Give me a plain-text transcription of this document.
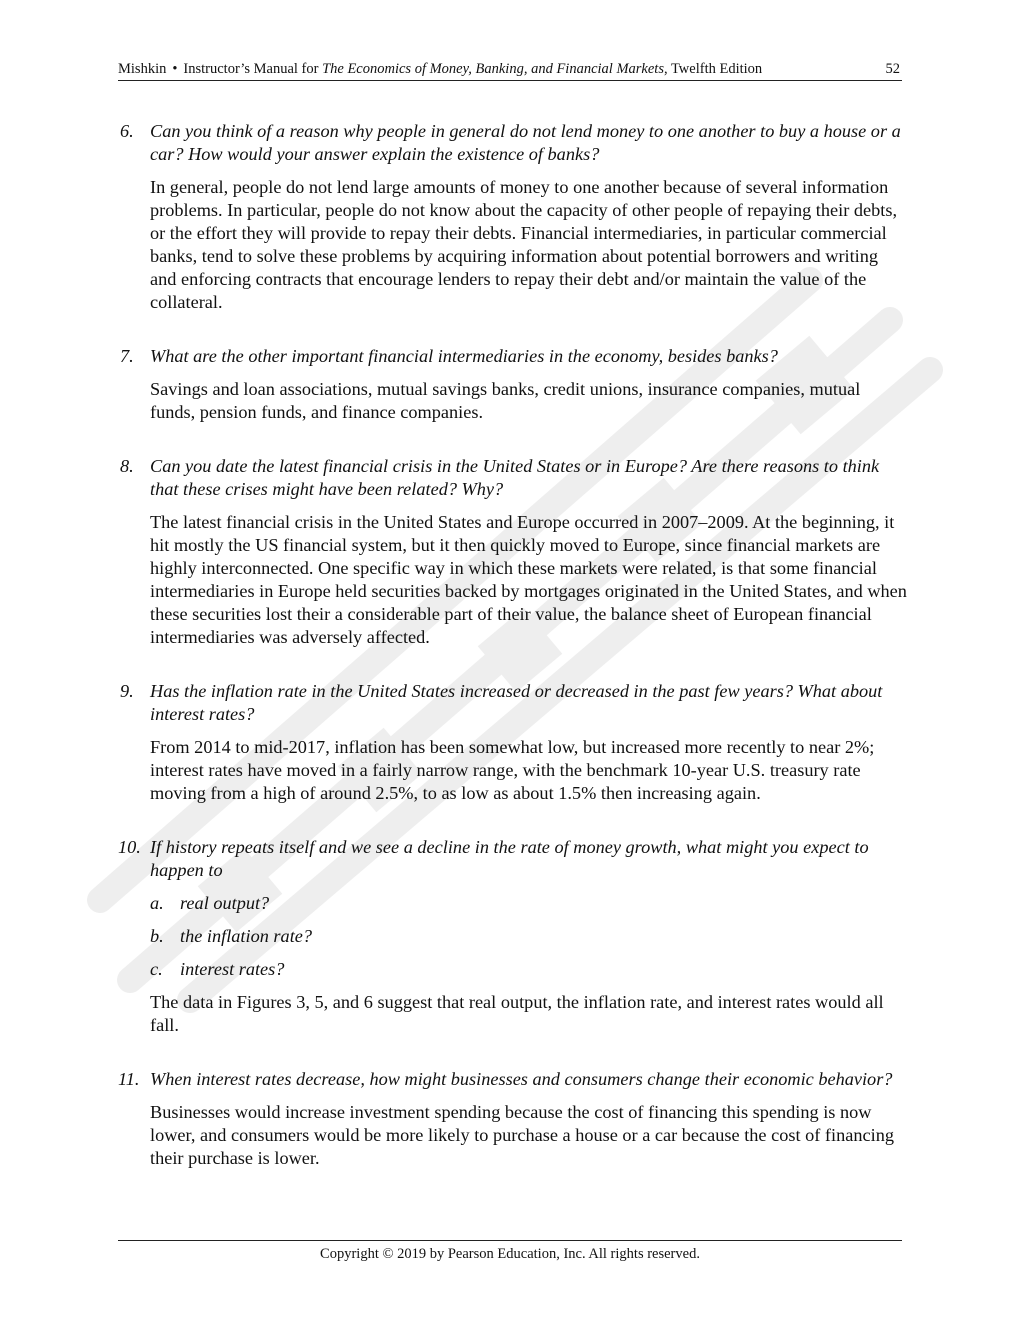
Mishkin • Instructor’s Manual for The Economics of Money, Banking, and Financial Markets, Twelfth Edition	52
6. Can you think of a reason why people in general do not lend money to one another to buy a house or a car? How would your answer explain the existence of banks?
In general, people do not lend large amounts of money to one another because of several information problems. In particular, people do not know about the capacity of other people of repaying their debts, or the effort they will provide to repay their debts. Financial intermediaries, in particular commercial banks, tend to solve these problems by acquiring information about potential borrowers and writing and enforcing contracts that encourage lenders to repay their debt and/or maintain the value of the collateral.
7. What are the other important financial intermediaries in the economy, besides banks?
Savings and loan associations, mutual savings banks, credit unions, insurance companies, mutual funds, pension funds, and finance companies.
8. Can you date the latest financial crisis in the United States or in Europe? Are there reasons to think that these crises might have been related? Why?
The latest financial crisis in the United States and Europe occurred in 2007–2009. At the beginning, it hit mostly the US financial system, but it then quickly moved to Europe, since financial markets are highly interconnected. One specific way in which these markets were related, is that some financial intermediaries in Europe held securities backed by mortgages originated in the United States, and when these securities lost their a considerable part of their value, the balance sheet of European financial intermediaries was adversely affected.
9. Has the inflation rate in the United States increased or decreased in the past few years? What about interest rates?
From 2014 to mid-2017, inflation has been somewhat low, but increased more recently to near 2%; interest rates have moved in a fairly narrow range, with the benchmark 10-year U.S. treasury rate moving from a high of around 2.5%, to as low as about 1.5% then increasing again.
10. If history repeats itself and we see a decline in the rate of money growth, what might you expect to happen to
a. real output?
b. the inflation rate?
c. interest rates?
The data in Figures 3, 5, and 6 suggest that real output, the inflation rate, and interest rates would all fall.
11. When interest rates decrease, how might businesses and consumers change their economic behavior?
Businesses would increase investment spending because the cost of financing this spending is now lower, and consumers would be more likely to purchase a house or a car because the cost of financing their purchase is lower.
Copyright © 2019 by Pearson Education, Inc. All rights reserved.
